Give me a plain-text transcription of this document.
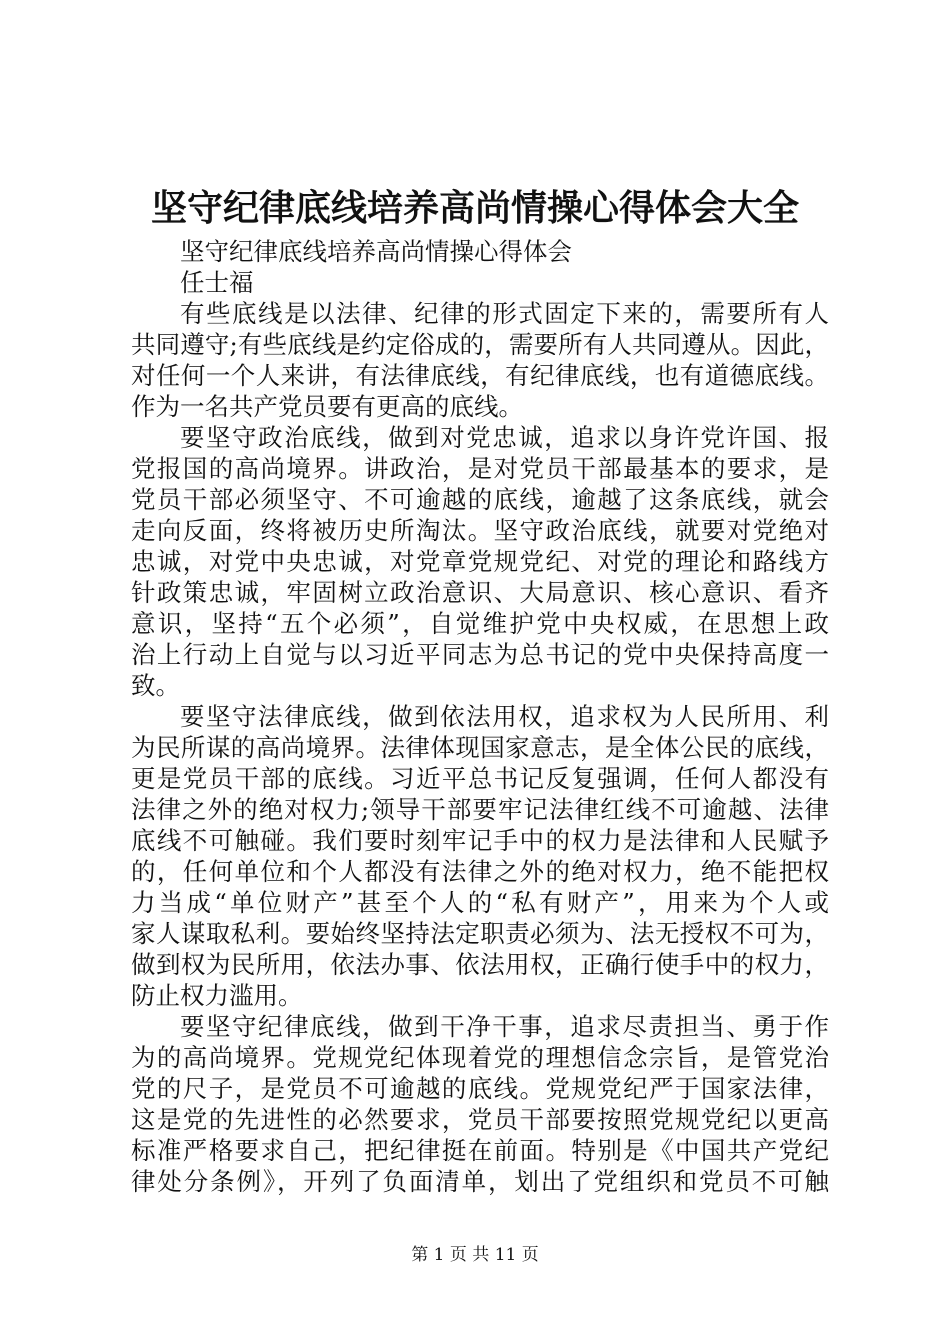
坚守纪律底线培养高尚情操心得体会大全

坚守纪律底线培养高尚情操心得体会

任士福

有些底线是以法律、纪律的形式固定下来的，需要所有人

共同遵守;有些底线是约定俗成的，需要所有人共同遵从。因此，

对任何一个人来讲，有法律底线，有纪律底线，也有道德底线。

作为一名共产党员要有更高的底线。

要坚守政治底线，做到对党忠诚，追求以身许党许国、报

党报国的高尚境界。讲政治，是对党员干部最基本的要求，是

党员干部必须坚守、不可逾越的底线，逾越了这条底线，就会

走向反面，终将被历史所淘汰。坚守政治底线，就要对党绝对

忠诚，对党中央忠诚，对党章党规党纪、对党的理论和路线方

针政策忠诚，牢固树立政治意识、大局意识、核心意识、看齐

意识，坚持“五个必须”，自觉维护党中央权威，在思想上政

治上行动上自觉与以习近平同志为总书记的党中央保持高度一

致。

要坚守法律底线，做到依法用权，追求权为人民所用、利

为民所谋的高尚境界。法律体现国家意志，是全体公民的底线，

更是党员干部的底线。习近平总书记反复强调，任何人都没有

法律之外的绝对权力;领导干部要牢记法律红线不可逾越、法律

底线不可触碰。我们要时刻牢记手中的权力是法律和人民赋予

的，任何单位和个人都没有法律之外的绝对权力，绝不能把权

力当成“单位财产”甚至个人的“私有财产”，用来为个人或

家人谋取私利。要始终坚持法定职责必须为、法无授权不可为，

做到权为民所用，依法办事、依法用权，正确行使手中的权力，

防止权力滥用。

要坚守纪律底线，做到干净干事，追求尽责担当、勇于作

为的高尚境界。党规党纪体现着党的理想信念宗旨，是管党治

党的尺子，是党员不可逾越的底线。党规党纪严于国家法律，

这是党的先进性的必然要求，党员干部要按照党规党纪以更高

标准严格要求自己，把纪律挺在前面。特别是《中国共产党纪

律处分条例》，开列了负面清单，划出了党组织和党员不可触

第 1 页 共 11 页
